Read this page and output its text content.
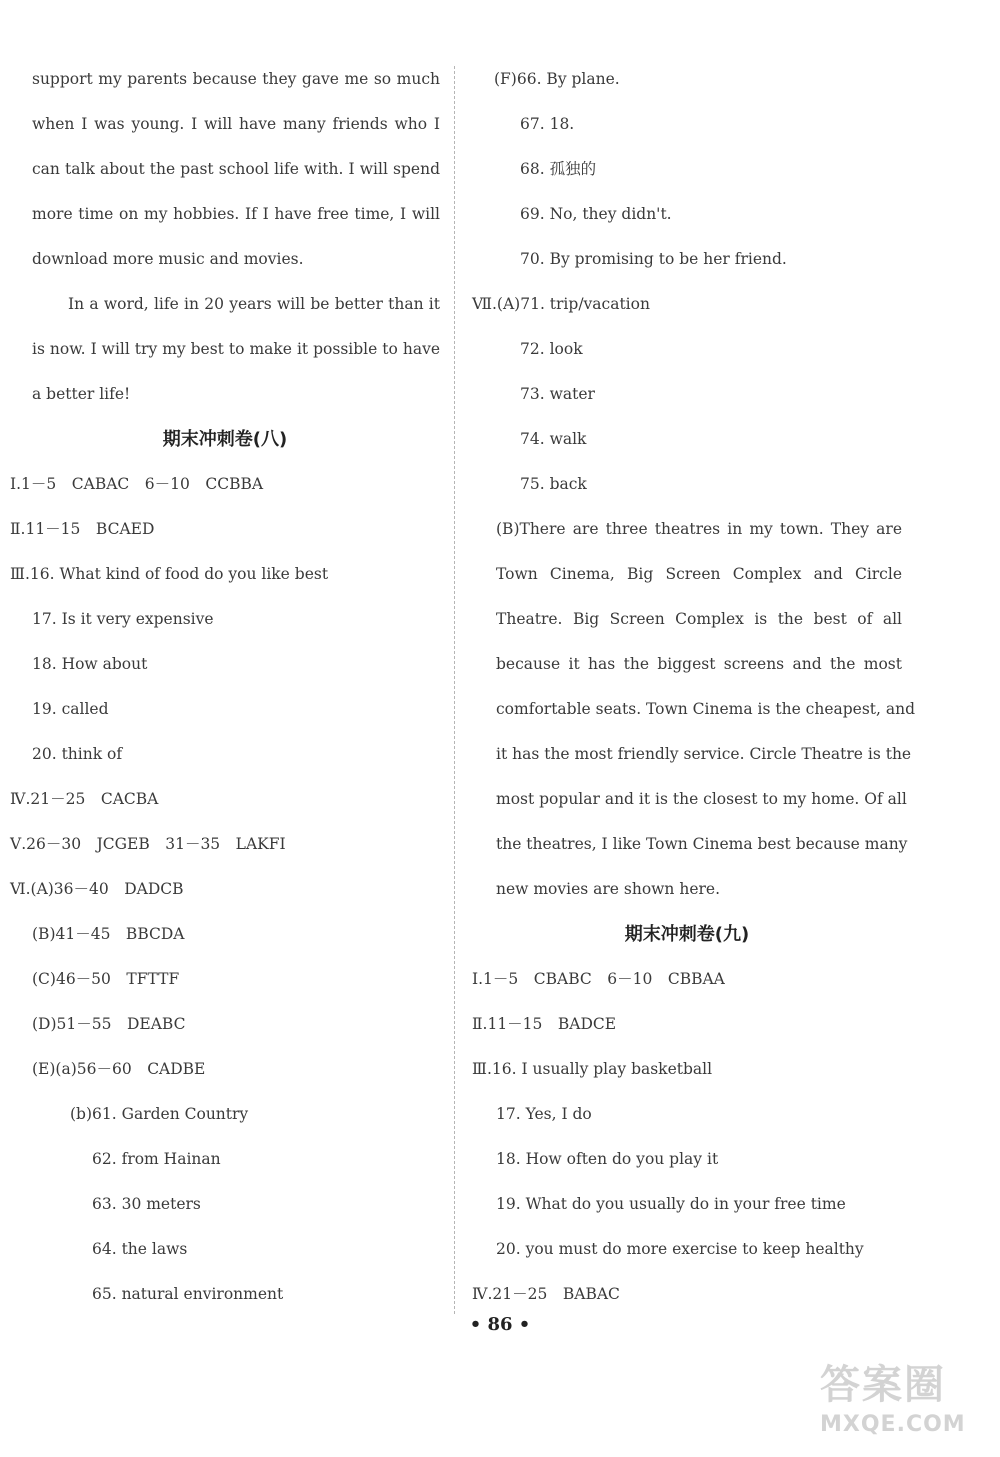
support my parents because they gave me so much
when I was young. I will have many friends who I
can talk about the past school life with. I will spend
more time on my hobbies. If I have free time, I will
download more music and movies.
In a word, life in 20 years will be better than it
is now. I will try my best to make it possible to have
a better life!
期末冲刺卷(八)
Ⅰ.1－5　CABAC　6－10　CCBBA
Ⅱ.11－15　BCAED
Ⅲ.16. What kind of food do you like best
17. Is it very expensive
18. How about
19. called
20. think of
Ⅳ.21－25　CACBA
Ⅴ.26－30　JCGEB　31－35　LAKFI
Ⅵ.(A)36－40　DADCB
(B)41－45　BBCDA
(C)46－50　TFTTF
(D)51－55　DEABC
(E)(a)56－60　CADBE
(b)61. Garden Country
62. from Hainan
63. 30 meters
64. the laws
65. natural environment
(F)66. By plane.
67. 18.
68. 孤独的
69. No, they didn't.
70. By promising to be her friend.
Ⅶ.(A)71. trip/vacation
72. look
73. water
74. walk
75. back
(B)There are three theatres in my town. They are
Town Cinema, Big Screen Complex and Circle
Theatre. Big Screen Complex is the best of all
because it has the biggest screens and the most
comfortable seats. Town Cinema is the cheapest, and
it has the most friendly service. Circle Theatre is the
most popular and it is the closest to my home. Of all
the theatres, I like Town Cinema best because many
new movies are shown here.
期末冲刺卷(九)
Ⅰ.1－5　CBABC　6－10　CBBAA
Ⅱ.11－15　BADCE
Ⅲ.16. I usually play basketball
17. Yes, I do
18. How often do you play it
19. What do you usually do in your free time
20. you must do more exercise to keep healthy
Ⅳ.21－25　BABAC
• 86 •
答案圈
MXQE.COM
